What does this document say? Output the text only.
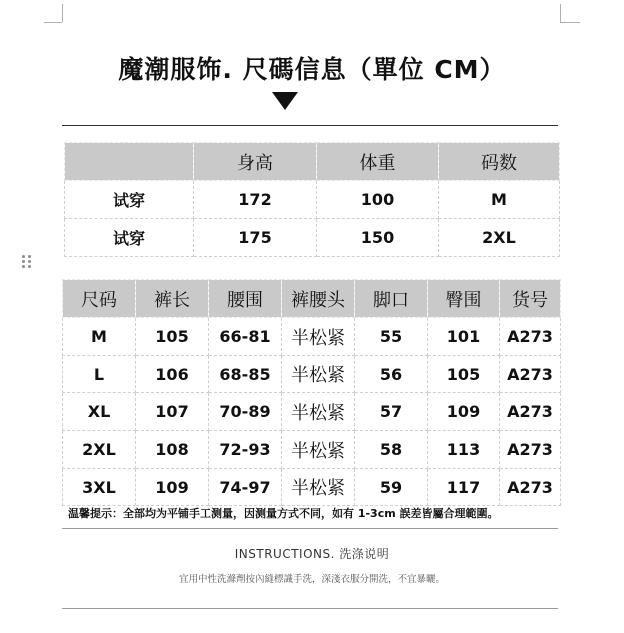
魔潮服饰. 尺碼信息（單位 CM）
	身高	体重	码数
试穿	172	100	M
试穿	175	150	2XL
尺码	裤长	腰围	裤腰头	脚口	臀围	货号
M	105	66-81	半松紧	55	101	A273
L	106	68-85	半松紧	56	105	A273
XL	107	70-89	半松紧	57	109	A273
2XL	108	72-93	半松紧	58	113	A273
3XL	109	74-97	半松紧	59	117	A273
温馨提示：全部均为平铺手工测量，因测量方式不同，如有 1-3cm 誤差皆屬合理範圍。
INSTRUCTIONS. 洗涤说明
宜用中性洗滌劑按內縫標識手洗，深淺衣服分開洗，不宜暴曬。
